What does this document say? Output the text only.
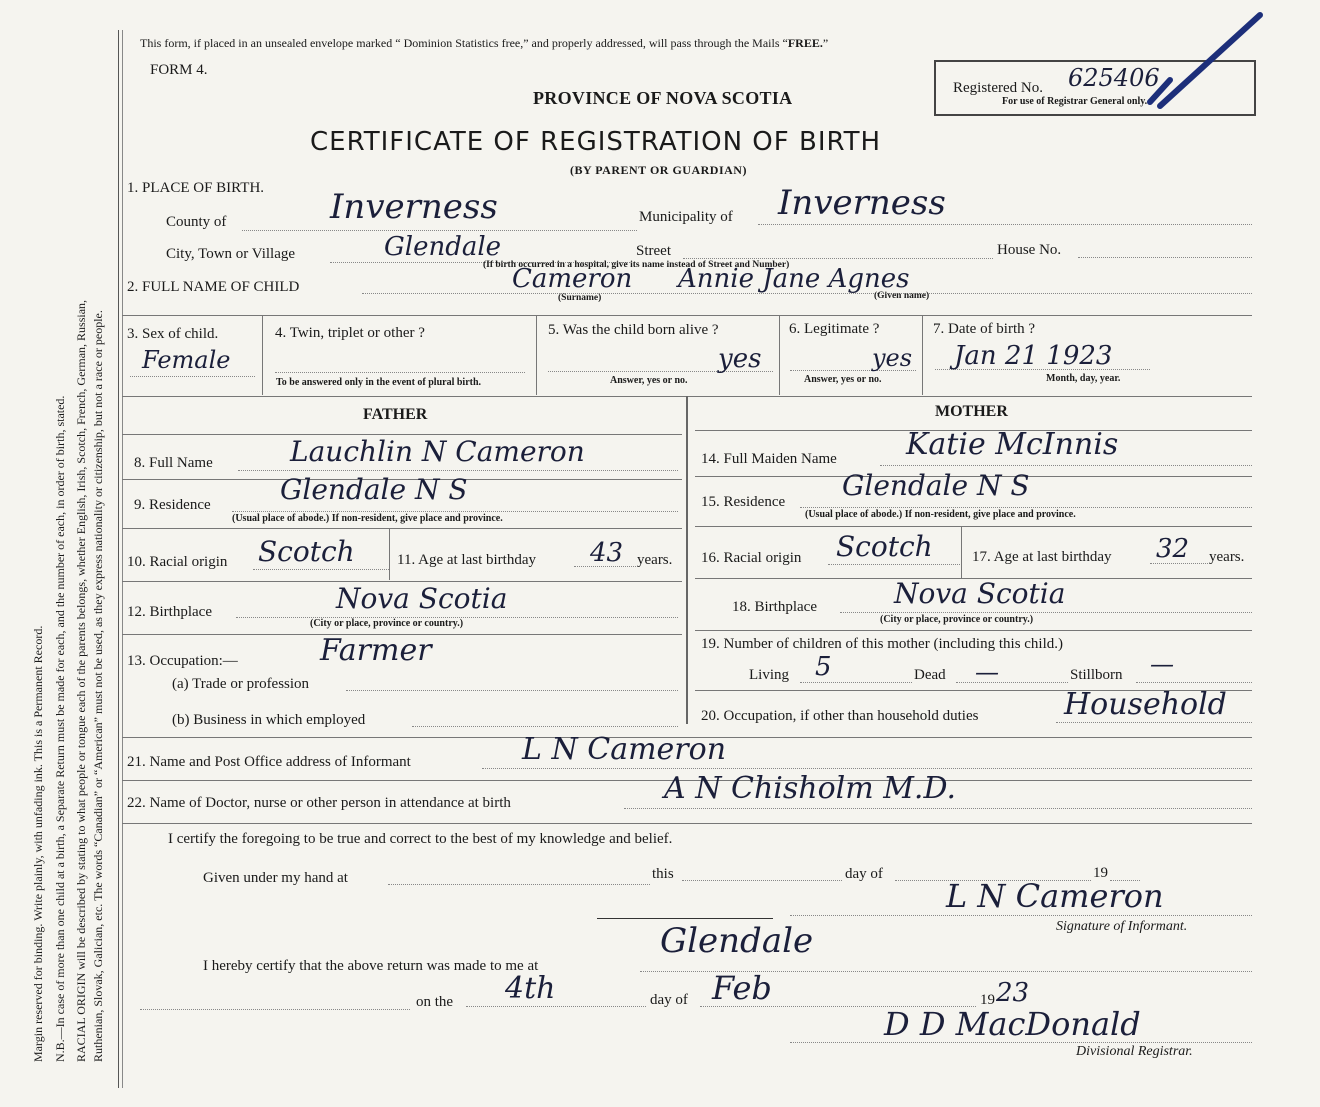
Margin reserved for binding. Write plainly, with unfading ink. This is a Permanent Record. N.B.—In case of more than one child at a birth, a Separate Return must be made for each, and the number of each, in order of birth, stated. RACIAL ORIGIN will be described by stating to what people or tongue each of the parents belongs, whether English, Irish, Scotch, French, German, Russian, Ruthenian, Slovak, Galician, etc. The words “Canadian” or “American” must not be used, as they express nationality or citizenship, but not a race or people.
This form, if placed in an unsealed envelope marked “ Dominion Statistics free,” and properly addressed, will pass through the Mails “FREE.”
FORM 4.
PROVINCE OF NOVA SCOTIA
CERTIFICATE OF REGISTRATION OF BIRTH
(BY PARENT OR GUARDIAN)
Registered No. 625406
For use of Registrar General only.
1. PLACE OF BIRTH.
County of	Inverness	Municipality of Inverness
City, Town or Village	Glendale	Street	House No.
(If birth occurred in a hospital, give its name instead of Street and Number)
2. FULL NAME OF CHILD	Cameron Annie Jane Agnes
(Surname)	(Given name)
3. Sex of child.
Female
4. Twin, triplet or other ?
To be answered only in the event of plural birth.
5. Was the child born alive ?
yes
Answer, yes or no.
6. Legitimate ?
yes
Answer, yes or no.
7. Date of birth ?
Jan 21 1923
Month, day, year.
FATHER	MOTHER
8. Full Name	Lauchlin N Cameron
9. Residence Glendale N S
(Usual place of abode.) If non-resident, give place and province.
10. Racial origin Scotch	11. Age at last birthday 43 years.
12. Birthplace	Nova Scotia
(City or place, province or country.)
13. Occupation:—	Farmer
(a) Trade or profession
(b) Business in which employed
14. Full Maiden Name Katie McInnis
15. Residence Glendale N S
(Usual place of abode.) If non-resident, give place and province.
16. Racial origin Scotch	17. Age at last birthday 32 years.
18. Birthplace	Nova Scotia
(City or place, province or country.)
19. Number of children of this mother (including this child.)
Living 5	Dead —	Stillborn —
20. Occupation, if other than household duties	Household
21. Name and Post Office address of Informant	L N Cameron
22. Name of Doctor, nurse or other person in attendance at birth	A N Chisholm M.D.
I certify the foregoing to be true and correct to the best of my knowledge and belief.
Given under my hand at	this	day of	19
L N Cameron
Signature of Informant.
I hereby certify that the above return was made to me at
Glendale
on the 4th	day of Feb	19 23
D D MacDonald
Divisional Registrar.
